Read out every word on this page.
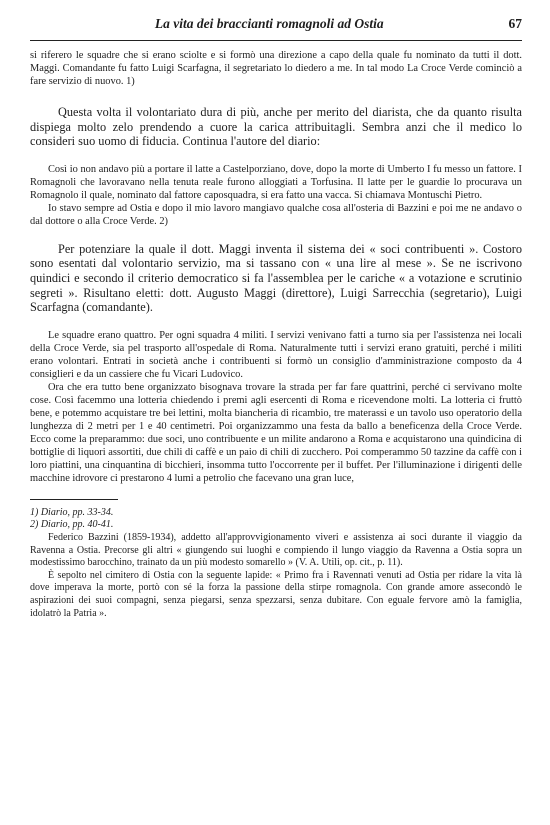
La vita dei braccianti romagnoli ad Ostia	67

si riferero le squadre che si erano sciolte e si formò una direzione a capo della quale fu nominato da tutti il dott. Maggi. Comandante fu fatto Luigi Scarfagna, il segretariato lo diedero a me. In tal modo La Croce Verde cominciò a fare servizio di nuovo. 1)

Questa volta il volontariato dura di più, anche per merito del diarista, che da quanto risulta dispiega molto zelo prendendo a cuore la carica attribuitagli. Sembra anzi che il medico lo consideri suo uomo di fiducia. Continua l'autore del diario:

Così io non andavo più a portare il latte a Castelporziano, dove, dopo la morte di Umberto I fu messo un fattore. I Romagnoli che lavoravano nella tenuta reale furono alloggiati a Torfusina. Il latte per le guardie lo procurava un Romagnolo il quale, nominato dal fattore caposquadra, si era fatto una vacca. Si chiamava Montuschi Pietro.

Io stavo sempre ad Ostia e dopo il mio lavoro mangiavo qualche cosa all'osteria di Bazzini e poi me ne andavo o dal dottore o alla Croce Verde. 2)

Per potenziare la quale il dott. Maggi inventa il sistema dei « soci contribuenti ». Costoro sono esentati dal volontario servizio, ma si tassano con « una lire al mese ». Se ne iscrivono quindici e secondo il criterio democratico si fa l'assemblea per le cariche « a votazione e scrutinio segreti ». Risultano eletti: dott. Augusto Maggi (direttore), Luigi Sarrecchia (segretario), Luigi Scarfagna (comandante).

Le squadre erano quattro. Per ogni squadra 4 militi. I servizi venivano fatti a turno sia per l'assistenza nei locali della Croce Verde, sia pel trasporto all'ospedale di Roma. Naturalmente tutti i servizi erano gratuiti, perché i militi erano volontari. Entrati in società anche i contribuenti si formò un consiglio d'amministrazione composto da 4 consiglieri e da un cassiere che fu Vicari Ludovico.

Ora che era tutto bene organizzato bisognava trovare la strada per far fare quattrini, perché ci servivano molte cose. Così facemmo una lotteria chiedendo i premi agli esercenti di Roma e ricevendone molti. La lotteria ci fruttò bene, e potemmo acquistare tre bei lettini, molta biancheria di ricambio, tre materassi e un tavolo uso operatorio della lunghezza di 2 metri per 1 e 40 centimetri. Poi organizzammo una festa da ballo a beneficenza della Croce Verde. Ecco come la preparammo: due soci, uno contribuente e un milite andarono a Roma e acquistarono una quindicina di bottiglie di liquori assortiti, due chili di caffè e un paio di chili di zucchero. Poi comperammo 50 tazzine da caffè con i loro piattini, una cinquantina di bicchieri, insomma tutto l'occorrente per il buffet. Per l'illuminazione i dirigenti delle macchine idrovore ci prestarono 4 lumi a petrolio che facevano una gran luce,

1) Diario, pp. 33-34.

2) Diario, pp. 40-41.

Federico Bazzini (1859-1934), addetto all'approvvigionamento viveri e assistenza ai soci durante il viaggio da Ravenna a Ostia. Precorse gli altri « giungendo sui luoghi e compiendo il lungo viaggio da Ravenna a Ostia sopra un modestissimo barocchino, trainato da un più modesto somarello » (V. A. Utili, op. cit., p. 11).

È sepolto nel cimitero di Ostia con la seguente lapide: « Primo fra i Ravennati venuti ad Ostia per ridare la vita là dove imperava la morte, portò con sé la forza la passione della stirpe romagnola. Con grande amore assecondò le aspirazioni dei suoi compagni, senza piegarsi, senza spezzarsi, senza dubitare. Con eguale fervore amò la famiglia, idolatrò la Patria ».
